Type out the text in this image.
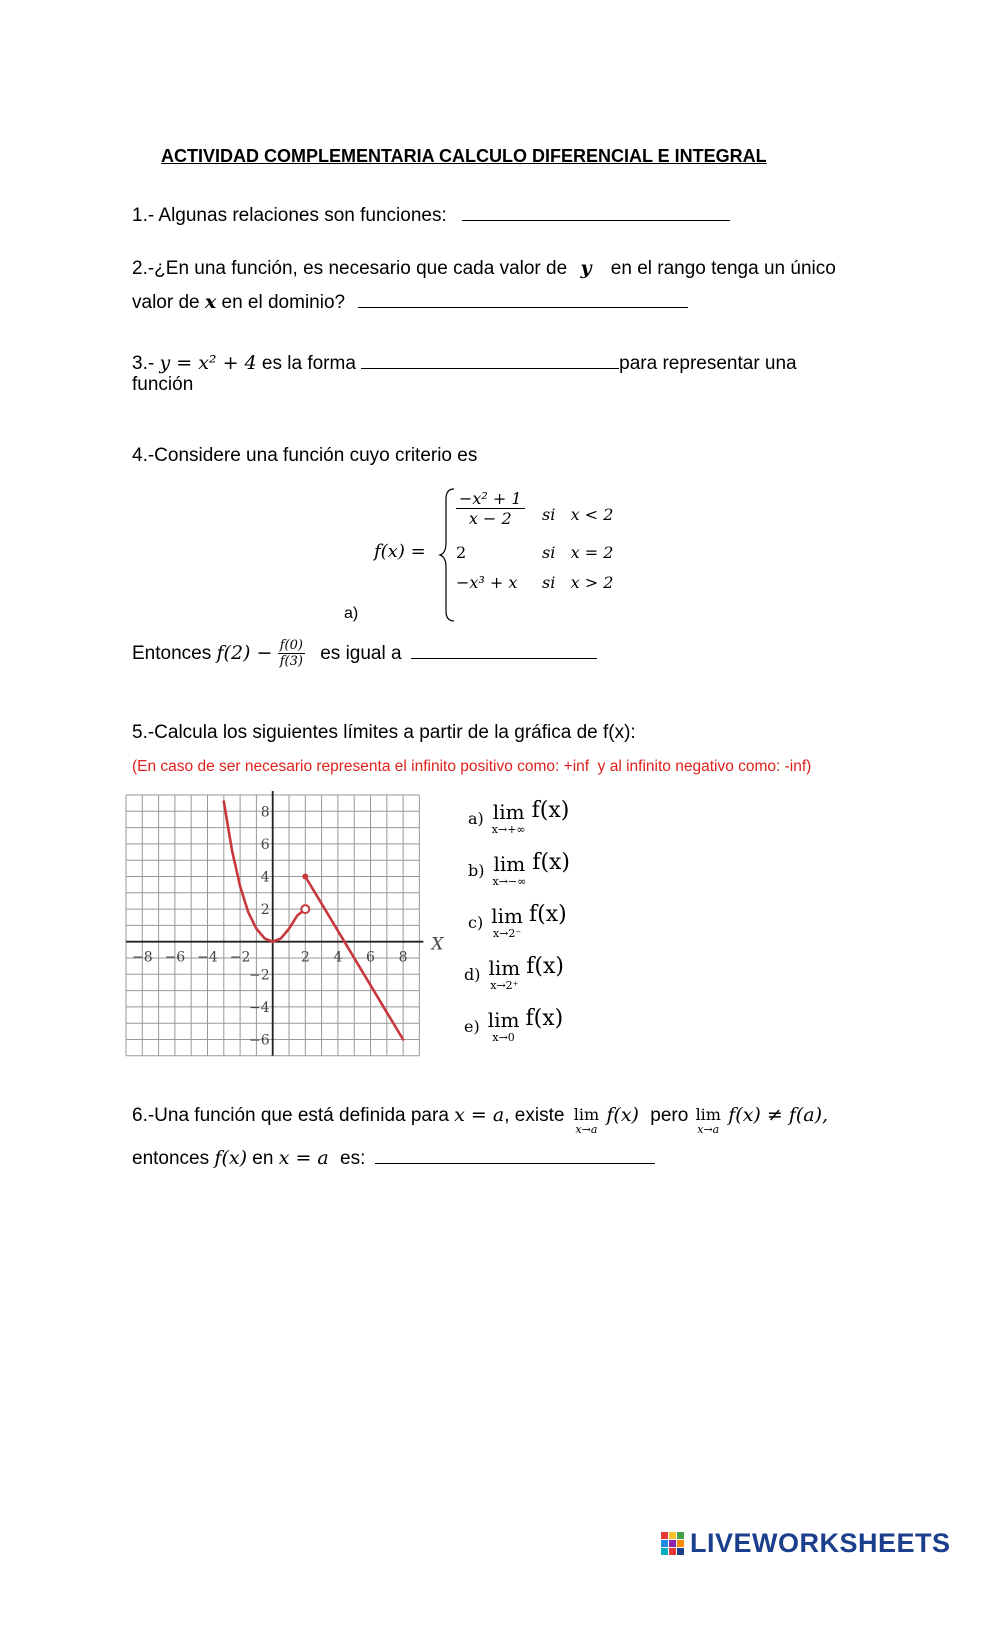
ACTIVIDAD COMPLEMENTARIA CALCULO DIFERENCIAL E INTEGRAL
1.- Algunas relaciones son funciones:
2.-¿En una función, es necesario que cada valor de y en el rango tenga un único
valor de x en el dominio?
3.- y = x² + 4 es la forma	para representar una
función
4.-Considere una función cuyo criterio es
f(x) =
$\frac{\text{−x² + 1}}{x - 2}$ si   x < 2
2	si   x = 2
−x³ + x si   x > 2
a)
Entonces $f(2) - \frac{f(0)}{f(3)}$ es igual a
5.-Calcula los siguientes límites a partir de la gráfica de f(x):
(En caso de ser necesario representa el infinito positivo como: +inf  y al infinito negativo como: -inf)
−8 −6 −4 −2	2 4 6 8
−6
−4
−2
2
4
6
8
X
a) lim
x→+∞
f(x)
b) lim
x→−∞
f(x)
c) lim
x→2⁻
f(x)
d) lim
x→2⁺
f(x)
e) lim
x→0
f(x)
6.-Una función que está definida para x = a, existe lim
x→a
f(x) pero lim
x→a
f(x) ≠ f(a),
entonces f(x) en x = a es:
LIVEWORKSHEETS
